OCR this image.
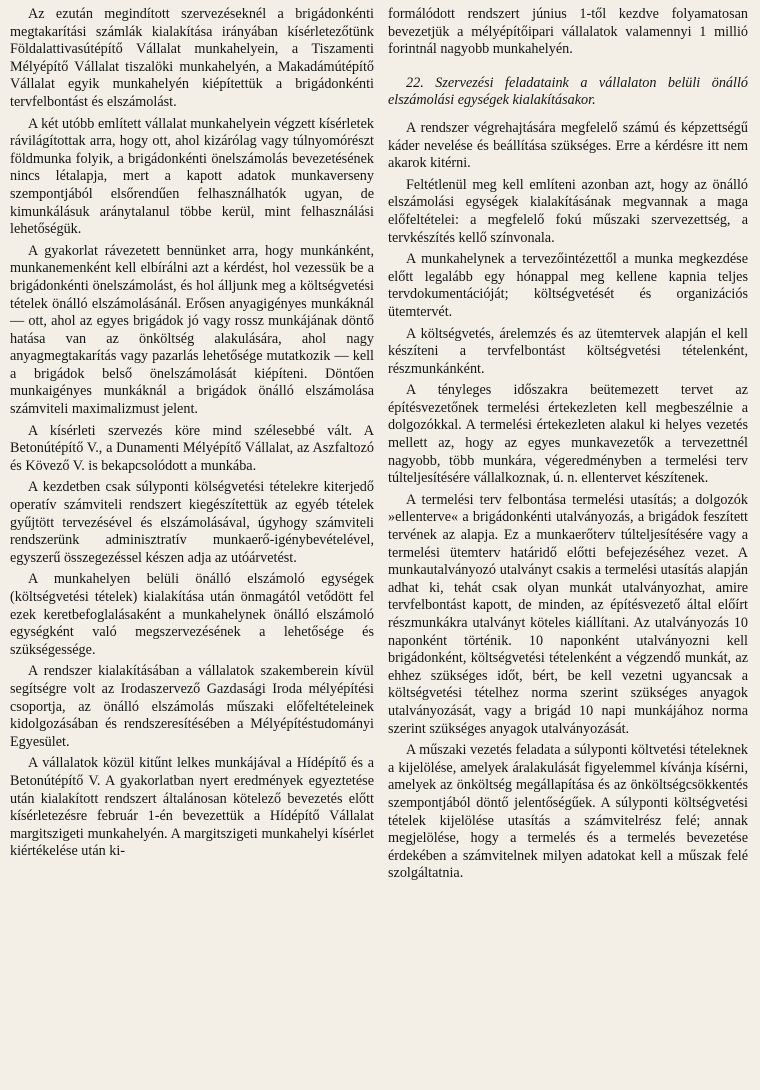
Az ezután megindított szervezéseknél a brigádonkénti megtakarítási számlák kialakítása irányában kísérletezőtünk Földalattivasútépítő Vállalat munkahelyein, a Tiszamenti Mélyépítő Vállalat tiszalöki munkahelyén, a Makadámútépítő Vállalat egyik munkahelyén kiépítettük a brigádonkénti tervfelbontást és elszámolást.

A két utóbb említett vállalat munkahelyein végzett kísérletek rávilágítottak arra, hogy ott, ahol kizárólag vagy túlnyomórészt földmunka folyik, a brigádonkénti önelszámolás bevezetésének nincs létalapja, mert a kapott adatok munkaverseny szempontjából elsőrendűen felhasználhatók ugyan, de kimunkálásuk aránytalanul többe kerül, mint felhasználási lehetőségük.

A gyakorlat rávezetett bennünket arra, hogy munkánként, munkanemenként kell elbírálni azt a kérdést, hol vezessük be a brigádonkénti önelszámolást, és hol álljunk meg a költségvetési tételek önálló elszámolásánál. Erősen anyagigényes munkáknál — ott, ahol az egyes brigádok jó vagy rossz munkájának döntő hatása van az önköltség alakulására, ahol nagy anyagmegtakarítás vagy pazarlás lehetősége mutatkozik — kell a brigádok belső önelszámolását kiépíteni. Döntően munkaigényes munkáknál a brigádok önálló elszámolása számviteli maximalizmust jelent.

A kísérleti szervezés köre mind szélesebbé vált. A Betonútépítő V., a Dunamenti Mélyépítő Vállalat, az Aszfaltozó és Kövező V. is bekapcsolódott a munkába.

A kezdetben csak súlyponti kölségvetési tételekre kiterjedő operatív számviteli rendszert kiegészítettük az egyéb tételek gyűjtött tervezésével és elszámolásával, úgyhogy számviteli rendszerünk adminisztratív munkaerő-igénybevételével, egyszerű összegezéssel készen adja az utóárvetést.

A munkahelyen belüli önálló elszámoló egységek (költségvetési tételek) kialakítása után önmagától vetődött fel ezek keretbefoglalásaként a munkahelynek önálló elszámoló egységként való megszervezésének a lehetősége és szükségessége.

A rendszer kialakításában a vállalatok szakemberein kívül segítségre volt az Irodaszervező Gazdasági Iroda mélyépítési csoportja, az önálló elszámolás műszaki előfeltételeinek kidolgozásában és rendszeresítésében a Mélyépítéstudományi Egyesület.

A vállalatok közül kitűnt lelkes munkájával a Hídépítő és a Betonútépítő V. A gyakorlatban nyert eredmények egyeztetése után kialakított rendszert általánosan kötelező bevezetés előtt kísérletezésre február 1-én bevezettük a Hídépítő Vállalat margitszigeti munkahelyén. A margitszigeti munkahelyi kísérlet kiértékelése után ki-

formálódott rendszert június 1-től kezdve folyamatosan bevezetjük a mélyépítőipari vállalatok valamennyi 1 millió forintnál nagyobb munkahelyén.

22. Szervezési feladataink a vállalaton belüli önálló elszámolási egységek kialakításakor.

A rendszer végrehajtására megfelelő számú és képzettségű káder nevelése és beállítása szükséges. Erre a kérdésre itt nem akarok kitérni.

Feltétlenül meg kell említeni azonban azt, hogy az önálló elszámolási egységek kialakításának megvannak a maga előfeltételei: a megfelelő fokú műszaki szervezettség, a tervkészítés kellő színvonala.

A munkahelynek a tervezőintézettől a munka megkezdése előtt legalább egy hónappal meg kellene kapnia teljes tervdokumentációját; költségvetését és organizációs ütemtervét.

A költségvetés, árelemzés és az ütemtervek alapján el kell készíteni a tervfelbontást költségvetési tételenként, részmunkánként.

A tényleges időszakra beütemezett tervet az építésvezetőnek termelési értekezleten kell megbeszélnie a dolgozókkal. A termelési értekezleten alakul ki helyes vezetés mellett az, hogy az egyes munkavezetők a tervezettnél nagyobb, több munkára, végeredményben a termelési terv túlteljesítésére vállalkoznak, ú. n. ellentervet készítenek.

A termelési terv felbontása termelési utasítás; a dolgozók »ellenterve« a brigádonkénti utalványozás, a brigádok feszített tervének az alapja. Ez a munkaerőterv túlteljesítésére vagy a termelési ütemterv határidő előtti befejezéséhez vezet. A munkautalványozó utalványt csakis a termelési utasítás alapján adhat ki, tehát csak olyan munkát utalványozhat, amire tervfelbontást kapott, de minden, az építésvezető által előírt részmunkákra utalványt köteles kiállítani. Az utalványozás 10 naponként történik. 10 naponként utalványozni kell brigádonként, költségvetési tételenként a végzendő munkát, az ehhez szükséges időt, bért, be kell vezetni ugyancsak a költségvetési tételhez norma szerint szükséges anyagok utalványozását, vagy a brigád 10 napi munkájához norma szerint szükséges anyagok utalványozását.

A műszaki vezetés feladata a súlyponti költvetési tételeknek a kijelölése, amelyek áralakulását figyelemmel kívánja kísérni, amelyek az önköltség megállapítása és az önköltségcsökkentés szempontjából döntő jelentőségűek. A súlyponti költségvetési tételek kijelölése utasítás a számvitelrész felé; annak megjelölése, hogy a termelés és a termelés bevezetése érdekében a számvitelnek milyen adatokat kell a műszak felé szolgáltatnia.
